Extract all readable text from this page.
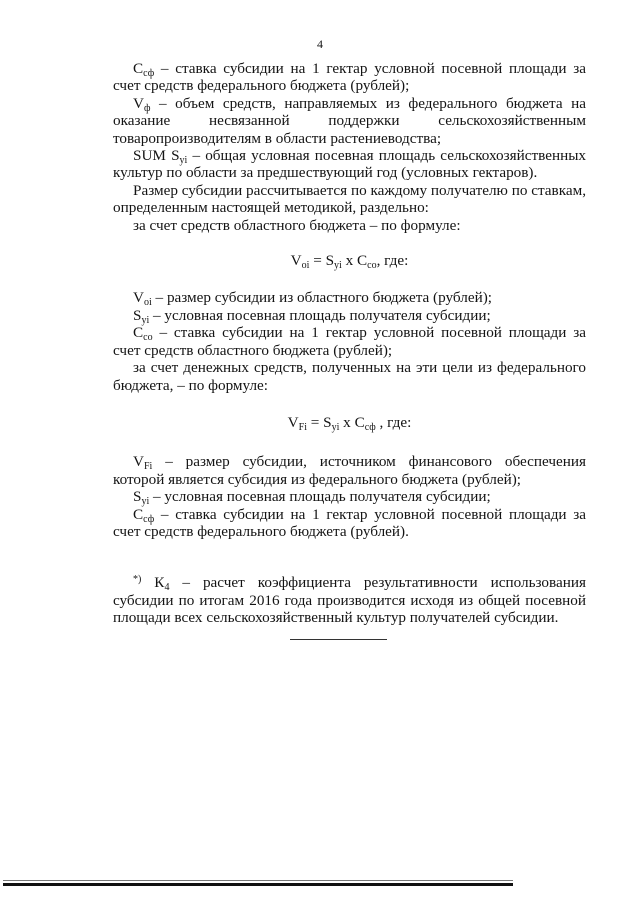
4

$С_{сф}$ – ставка субсидии на 1 гектар условной посевной площади за счет средств федерального бюджета (рублей);

$V_ф$ – объем средств, направляемых из федерального бюджета на оказание несвязанной поддержки сельскохозяйственным товаропроизводителям в области растениеводства;

SUM $S_{yi}$ – общая условная посевная площадь сельскохозяйственных культур по области за предшествующий год (условных гектаров).

Размер субсидии рассчитывается по каждому получателю по ставкам, определенным настоящей методикой, раздельно:

за счет средств областного бюджета – по формуле:

$V_{oi} = S_{yi}$ x $С_{со}$, где:

$V_{oi}$ – размер субсидии из областного бюджета (рублей);

$S_{yi}$ – условная посевная площадь получателя субсидии;

$С_{со}$ – ставка субсидии на 1 гектар условной посевной площади за счет средств областного бюджета (рублей);

за счет денежных средств, полученных на эти цели из федерального бюджета, – по формуле:

$V_{Fi} = S_{yi}$ x $С_{сф}$ , где:

$V_{Fi}$ – размер субсидии, источником финансового обеспечения которой является субсидия из федерального бюджета (рублей);

$S_{yi}$ – условная посевная площадь получателя субсидии;

$С_{сф}$ – ставка субсидии на 1 гектар условной посевной площади за счет средств федерального бюджета (рублей).

*) $К_4$ – расчет коэффициента результативности использования субсидии по итогам 2016 года производится исходя из общей посевной площади всех сельскохозяйственный культур получателей субсидии.
